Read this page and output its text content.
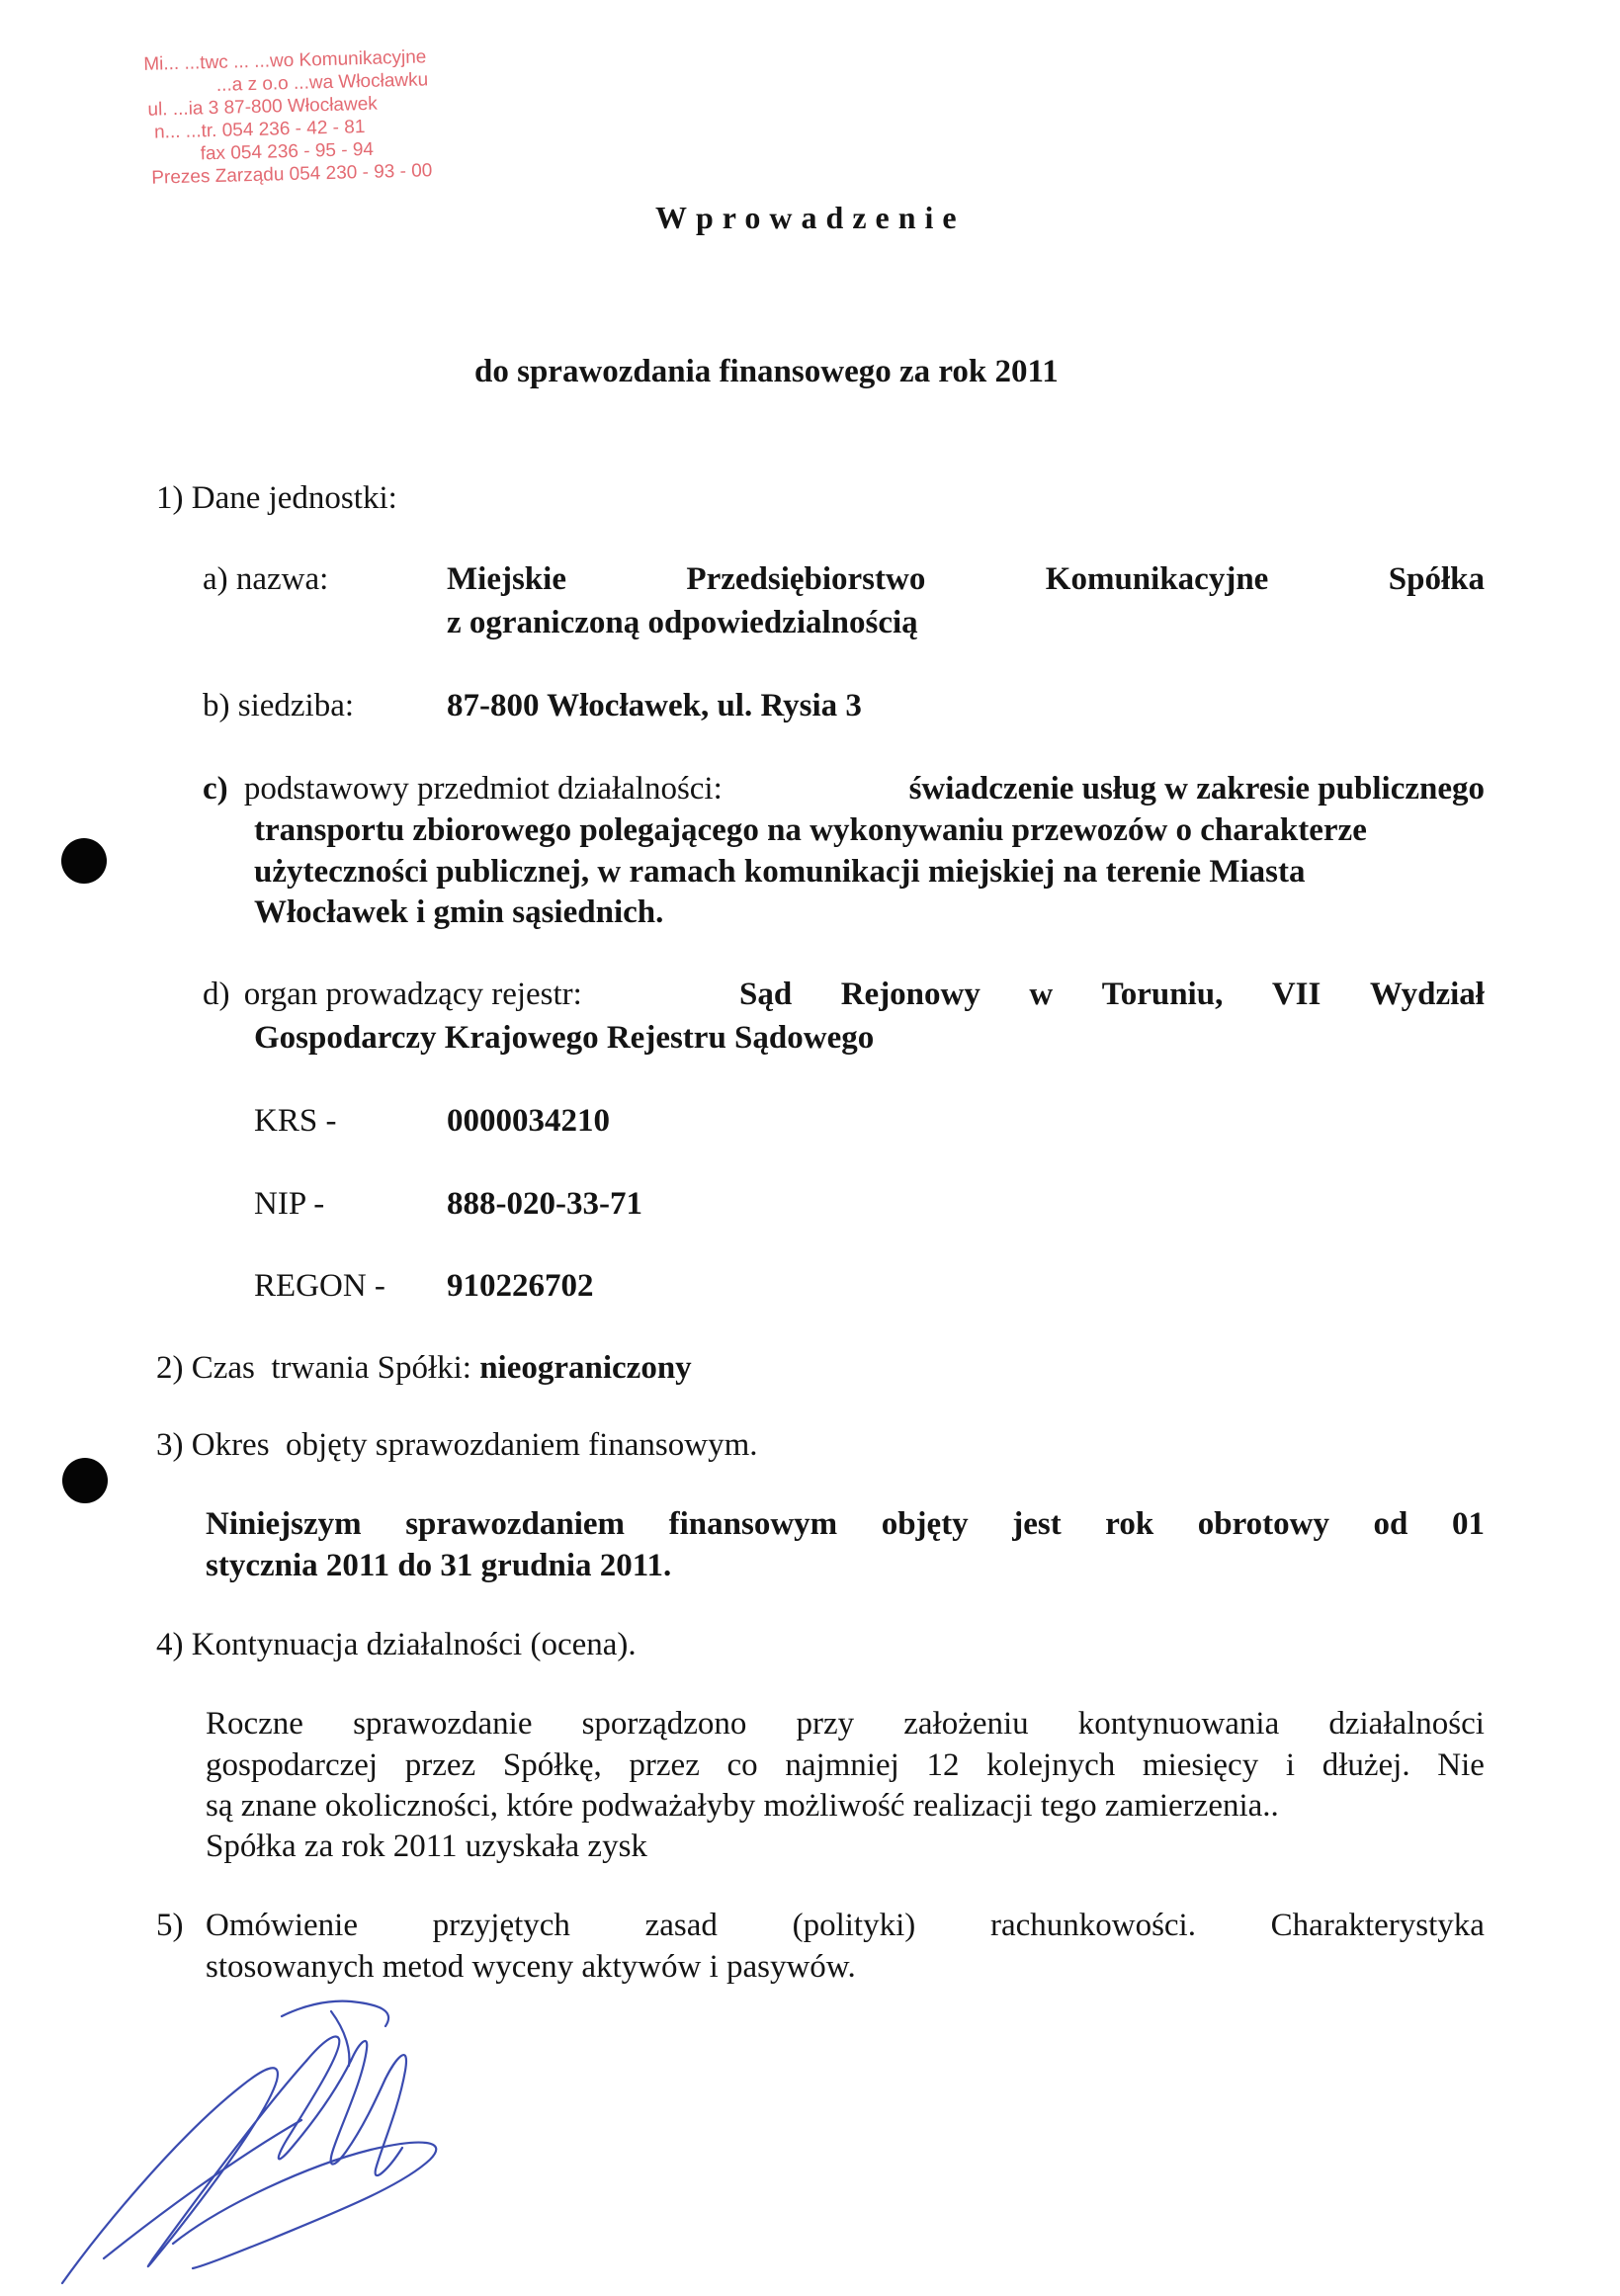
Mi... ...twc ... ...wo Komunikacyjne
...a z o.o ...wa Włocławku
ul. ...ia 3 87-800 Włocławek
n... ...tr. 054 236 - 42 - 81
fax 054 236 - 95 - 94
Prezes Zarządu 054 230 - 93 - 00
Wprowadzenie
do sprawozdania finansowego za rok 2011
1) Dane jednostki:
a) nazwa:	Miejskie	Przedsiębiorstwo	Komunikacyjne	Spółka
z ograniczoną odpowiedzialnością
b) siedziba:	87-800 Włocławek, ul. Rysia 3
c) podstawowy przedmiot działalności:	świadczenie usług w zakresie publicznego
transportu zbiorowego polegającego na wykonywaniu przewozów o charakterze
użyteczności publicznej, w ramach komunikacji miejskiej na terenie Miasta
Włocławek i gmin sąsiednich.
d) organ prowadzący rejestr:	Sąd Rejonowy w Toruniu, VII Wydział
Gospodarczy Krajowego Rejestru Sądowego
KRS -	0000034210
NIP -	888-020-33-71
REGON - 910226702
2) Czas  trwania Spółki: nieograniczony
3) Okres  objęty sprawozdaniem finansowym.
Niniejszym sprawozdaniem finansowym objęty jest rok obrotowy od 01
stycznia 2011 do 31 grudnia 2011.
4) Kontynuacja działalności (ocena).
Roczne sprawozdanie sporządzono przy założeniu kontynuowania działalności
gospodarczej przez Spółkę, przez co najmniej 12 kolejnych miesięcy i dłużej. Nie
są znane okoliczności, które podważałyby możliwość realizacji tego zamierzenia..
Spółka za rok 2011 uzyskała zysk
5) Omówienie przyjętych zasad (polityki) rachunkowości. Charakterystyka
stosowanych metod wyceny aktywów i pasywów.
